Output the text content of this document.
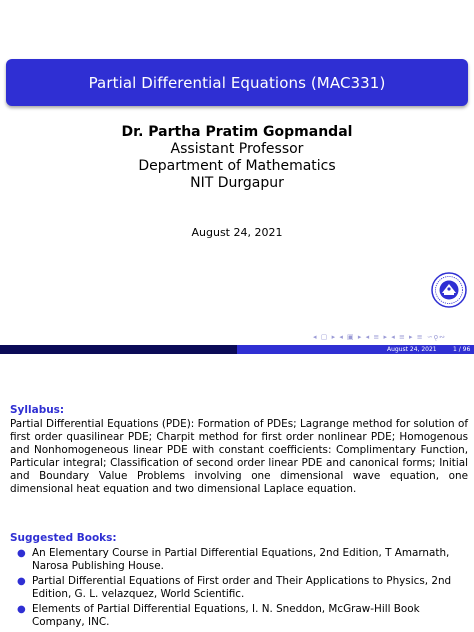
Partial Differential Equations (MAC331)
Dr. Partha Pratim Gopmandal
Assistant Professor
Department of Mathematics
NIT Durgapur
August 24, 2021
◂ ▢ ▸ ◂ ▣ ▸ ◂ ≡ ▸ ◂ ≡ ▸ ≡ ∽ǫ∾
August 24, 2021	1 / 96
Syllabus:
Partial Differential Equations (PDE): Formation of PDEs; Lagrange method for solution of first order quasilinear PDE; Charpit method for first order nonlinear PDE; Homogenous and Nonhomogeneous linear PDE with constant coefficients: Complimentary Function, Particular integral; Classification of second order linear PDE and canonical forms; Initial and Boundary Value Problems involving one dimensional wave equation, one dimensional heat equation and two dimensional Laplace equation.
Suggested Books:
● An Elementary Course in Partial Differential Equations, 2nd Edition, T Amarnath, Narosa Publishing House.
● Partial Differential Equations of First order and Their Applications to Physics, 2nd Edition, G. L. velazquez, World Scientific.
● Elements of Partial Differential Equations, I. N. Sneddon, McGraw-Hill Book Company, INC.
